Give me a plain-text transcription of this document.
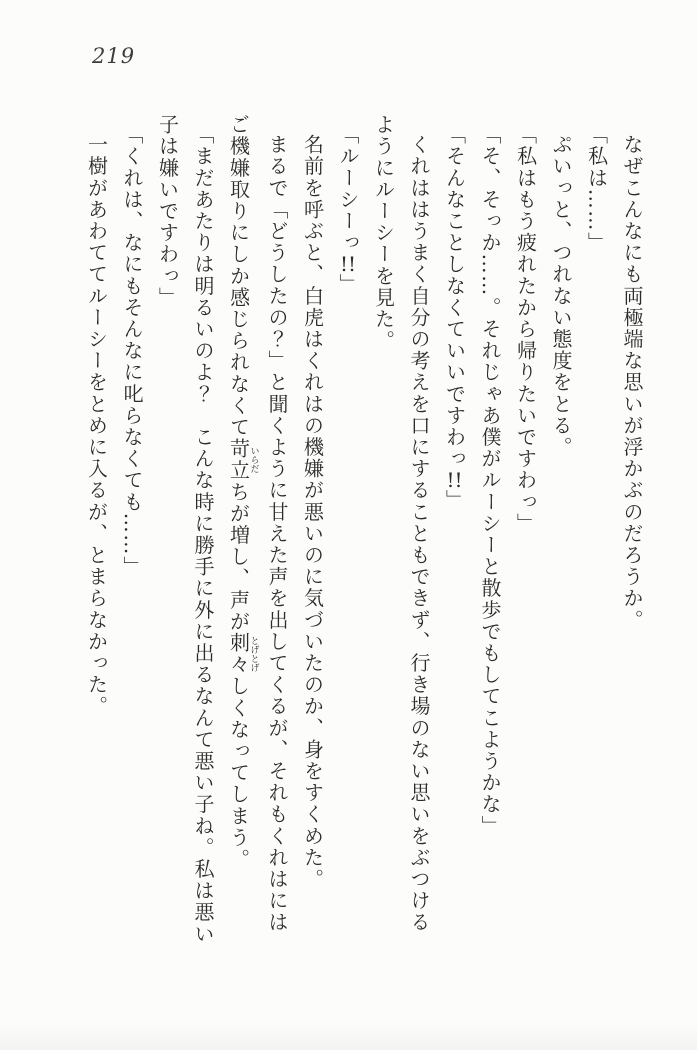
219

なぜこんなにも両極端な思いが浮かぶのだろうか。

「私は……」

ぷいっと、つれない態度をとる。

「私はもう疲れたから帰りたいですわっ」

「そ、そっか……。それじゃあ僕がルーシーと散歩でもしてこようかな」

「そんなことしなくていいですわっ!!」

くれははうまく自分の考えを口にすることもできず、行き場のない思いをぶつける

ようにルーシーを見た。

「ルーシーっ!!」

名前を呼ぶと、白虎はくれはの機嫌が悪いのに気づいたのか、身をすくめた。

まるで「どうしたの？」と聞くように甘えた声を出してくるが、それもくれはには

ご機嫌取りにしか感じられなくて苛立いらだちが増し、声が刺々とげとげしくなってしまう。

「まだあたりは明るいのよ？　こんな時に勝手に外に出るなんて悪い子ね。私は悪い

子は嫌いですわっ」

「くれは、なにもそんなに叱らなくても……」

一樹があわててルーシーをとめに入るが、とまらなかった。
